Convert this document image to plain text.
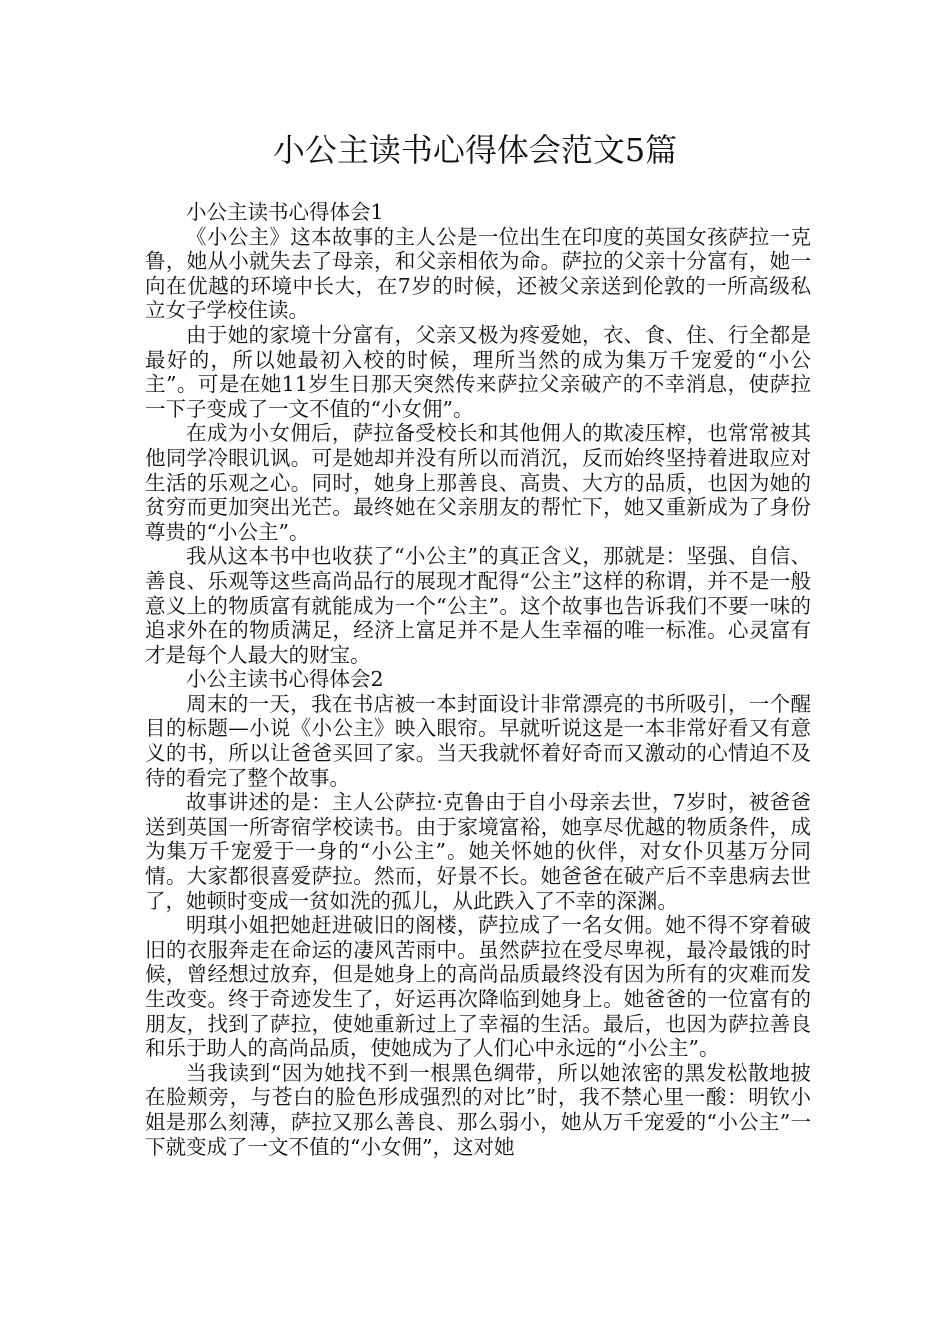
小公主读书心得体会范文5篇

小公主读书心得体会1

《小公主》这本故事的主人公是一位出生在印度的英国女孩萨拉一克鲁，她从小就失去了母亲，和父亲相依为命。萨拉的父亲十分富有，她一向在优越的环境中长大，在7岁的时候，还被父亲送到伦敦的一所高级私立女子学校住读。

由于她的家境十分富有，父亲又极为疼爱她，衣、食、住、行全都是最好的，所以她最初入校的时候，理所当然的成为集万千宠爱的“小公主”。可是在她11岁生日那天突然传来萨拉父亲破产的不幸消息，使萨拉一下子变成了一文不值的“小女佣”。

在成为小女佣后，萨拉备受校长和其他佣人的欺凌压榨，也常常被其他同学冷眼讥讽。可是她却并没有所以而消沉，反而始终坚持着进取应对生活的乐观之心。同时，她身上那善良、高贵、大方的品质，也因为她的贫穷而更加突出光芒。最终她在父亲朋友的帮忙下，她又重新成为了身份尊贵的“小公主”。

我从这本书中也收获了“小公主”的真正含义，那就是：坚强、自信、善良、乐观等这些高尚品行的展现才配得“公主”这样的称谓，并不是一般意义上的物质富有就能成为一个“公主”。这个故事也告诉我们不要一味的追求外在的物质满足，经济上富足并不是人生幸福的唯一标准。心灵富有才是每个人最大的财宝。

小公主读书心得体会2

周末的一天，我在书店被一本封面设计非常漂亮的书所吸引，一个醒目的标题—小说《小公主》映入眼帘。早就听说这是一本非常好看又有意义的书，所以让爸爸买回了家。当天我就怀着好奇而又激动的心情迫不及待的看完了整个故事。

故事讲述的是：主人公萨拉·克鲁由于自小母亲去世，7岁时，被爸爸送到英国一所寄宿学校读书。由于家境富裕，她享尽优越的物质条件，成为集万千宠爱于一身的“小公主”。她关怀她的伙伴，对女仆贝基万分同情。大家都很喜爱萨拉。然而，好景不长。她爸爸在破产后不幸患病去世了，她顿时变成一贫如洗的孤儿，从此跌入了不幸的深渊。

明琪小姐把她赶进破旧的阁楼，萨拉成了一名女佣。她不得不穿着破旧的衣服奔走在命运的凄风苦雨中。虽然萨拉在受尽卑视，最冷最饿的时候，曾经想过放弃，但是她身上的高尚品质最终没有因为所有的灾难而发生改变。终于奇迹发生了，好运再次降临到她身上。她爸爸的一位富有的朋友，找到了萨拉，使她重新过上了幸福的生活。最后，也因为萨拉善良和乐于助人的高尚品质，使她成为了人们心中永远的“小公主”。

当我读到“因为她找不到一根黑色绸带，所以她浓密的黑发松散地披在脸颊旁，与苍白的脸色形成强烈的对比”时，我不禁心里一酸：明钦小姐是那么刻薄，萨拉又那么善良、那么弱小，她从万千宠爱的“小公主”一下就变成了一文不值的“小女佣”，这对她
